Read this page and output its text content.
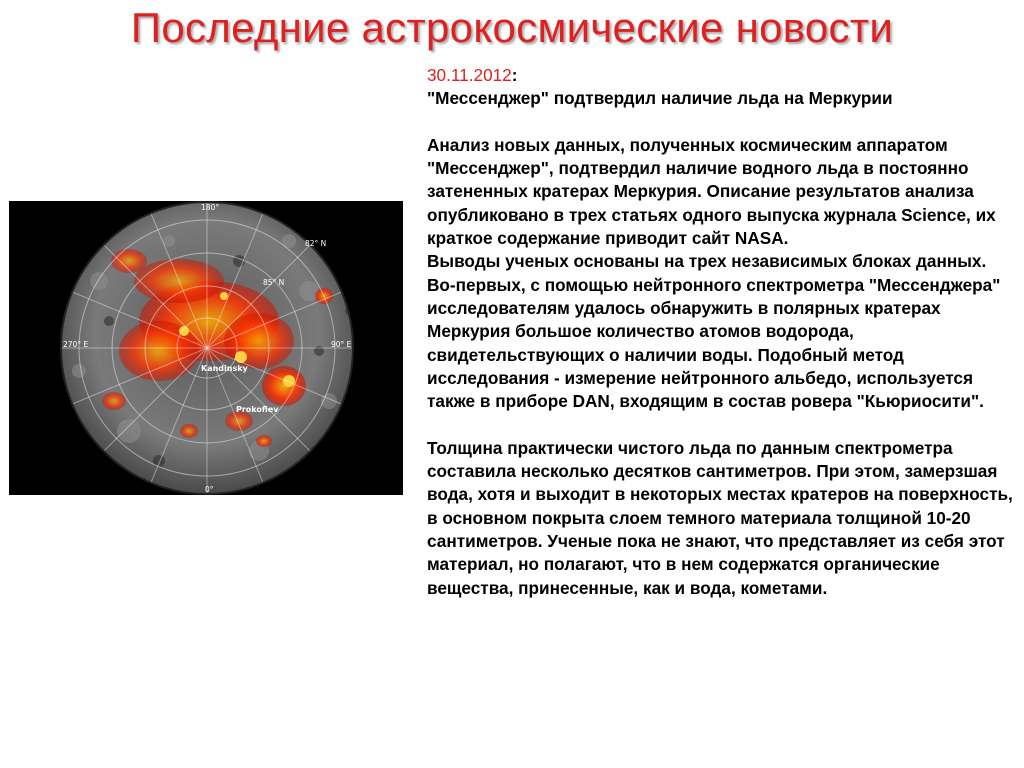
Последние астрокосмические новости
180°
90° E
270° E
0°
82° N
85° N
Kandinsky
Prokofiev

30.11.2012:

"Мессенджер" подтвердил наличие льда на Меркурии

Анализ новых данных, полученных космическим аппаратом "Мессенджер", подтвердил наличие водного льда в постоянно затененных кратерах Меркурия. Описание результатов анализа опубликовано в трех статьях одного выпуска журнала Science, их краткое содержание приводит сайт NASA.

Выводы ученых основаны на трех независимых блоках данных. Во-первых, с помощью нейтронного спектрометра "Мессенджера" исследователям удалось обнаружить в полярных кратерах Меркурия большое количество атомов водорода, свидетельствующих о наличии воды. Подобный метод исследования - измерение нейтронного альбедо, используется также в приборе DAN, входящим в состав ровера "Кьюриосити".

Толщина практически чистого льда по данным спектрометра составила несколько десятков сантиметров. При этом, замерзшая вода, хотя и выходит в некоторых местах кратеров на поверхность, в основном покрыта слоем темного материала толщиной 10-20 сантиметров. Ученые пока не знают, что представляет из себя этот материал, но полагают, что в нем содержатся органические вещества, принесенные, как и вода, кометами.
